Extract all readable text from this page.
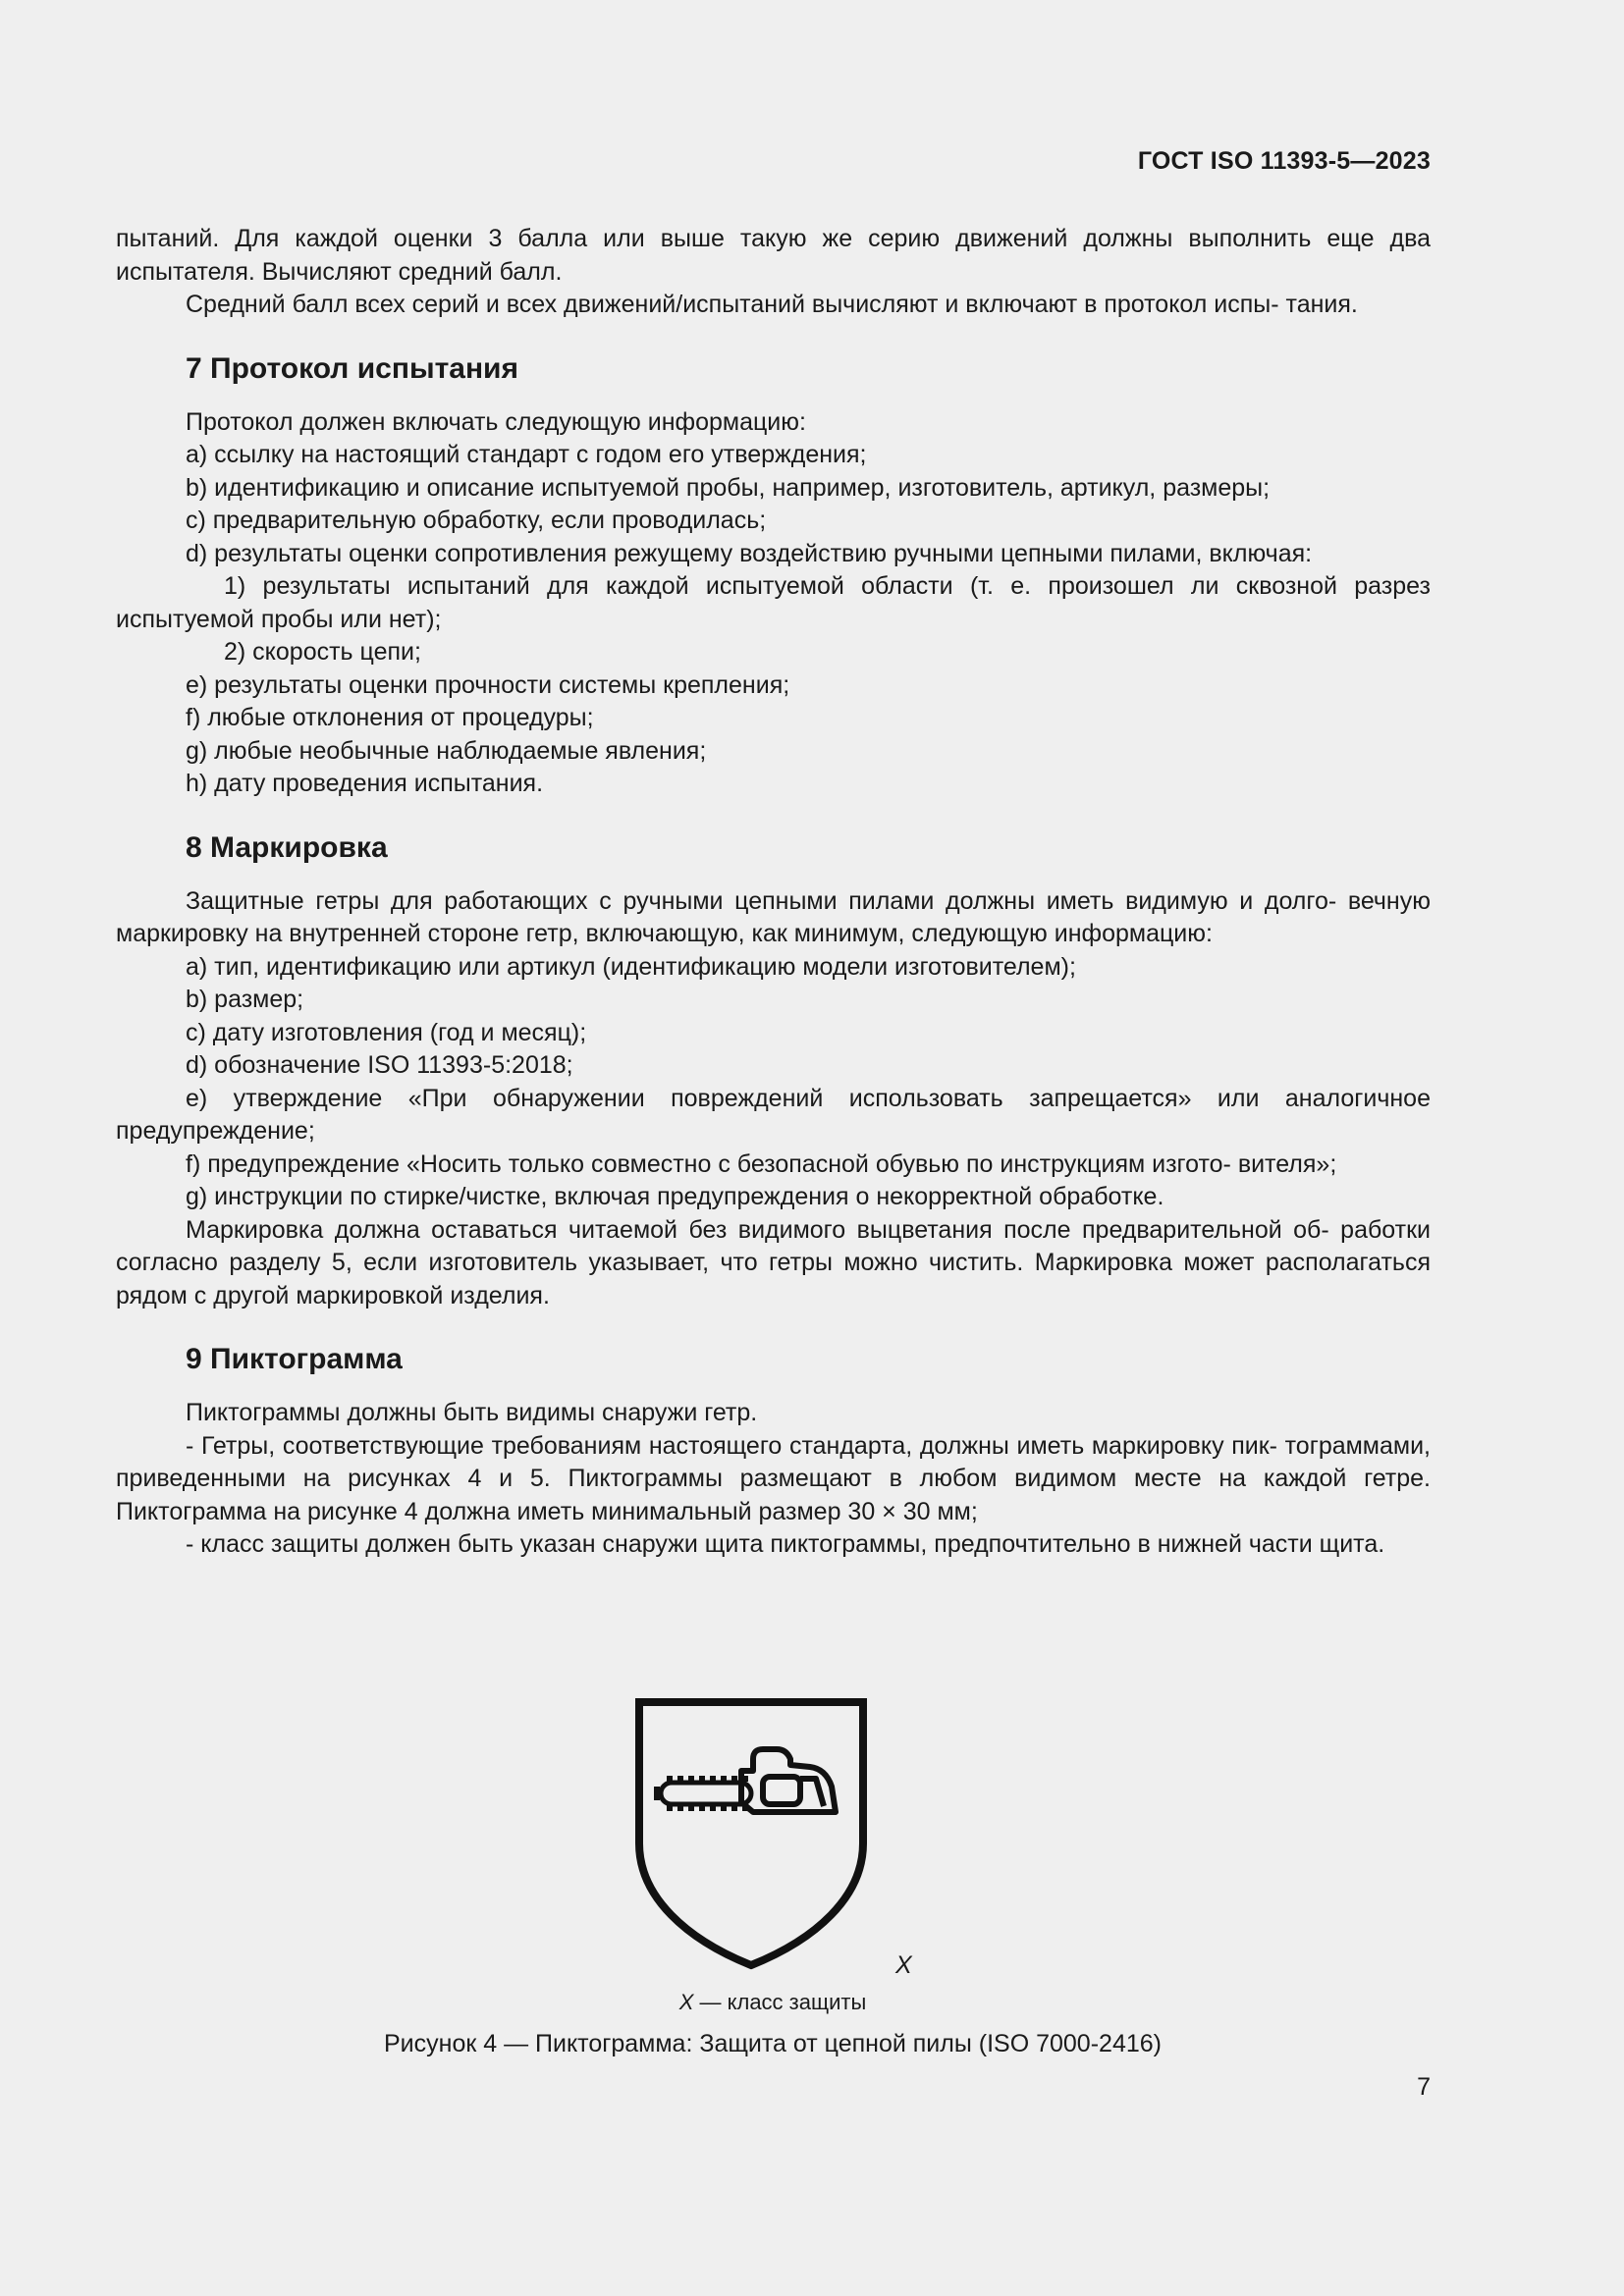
ГОСТ ISO 11393-5—2023

пытаний. Для каждой оценки 3 балла или выше такую же серию движений должны выполнить еще два испытателя. Вычисляют средний балл.

Средний балл всех серий и всех движений/испытаний вычисляют и включают в протокол испы- тания.

7 Протокол испытания

Протокол должен включать следующую информацию:

a) ссылку на настоящий стандарт с годом его утверждения;

b) идентификацию и описание испытуемой пробы, например, изготовитель, артикул, размеры;

c) предварительную обработку, если проводилась;

d) результаты оценки сопротивления режущему воздействию ручными цепными пилами, включая:

1) результаты испытаний для каждой испытуемой области (т. е. произошел ли сквозной разрез испытуемой пробы или нет);

2) скорость цепи;

e) результаты оценки прочности системы крепления;

f) любые отклонения от процедуры;

g) любые необычные наблюдаемые явления;

h) дату проведения испытания.

8 Маркировка

Защитные гетры для работающих с ручными цепными пилами должны иметь видимую и долго- вечную маркировку на внутренней стороне гетр, включающую, как минимум, следующую информацию:

a) тип, идентификацию или артикул (идентификацию модели изготовителем);

b) размер;

c) дату изготовления (год и месяц);

d) обозначение ISO 11393-5:2018;

e) утверждение «При обнаружении повреждений использовать запрещается» или аналогичное предупреждение;

f) предупреждение «Носить только совместно с безопасной обувью по инструкциям изгото- вителя»;

g) инструкции по стирке/чистке, включая предупреждения о некорректной обработке.

Маркировка должна оставаться читаемой без видимого выцветания после предварительной об- работки согласно разделу 5, если изготовитель указывает, что гетры можно чистить. Маркировка может располагаться рядом с другой маркировкой изделия.

9 Пиктограмма

Пиктограммы должны быть видимы снаружи гетр.

- Гетры, соответствующие требованиям настоящего стандарта, должны иметь маркировку пик- тограммами, приведенными на рисунках 4 и 5. Пиктограммы размещают в любом видимом месте на каждой гетре. Пиктограмма на рисунке 4 должна иметь минимальный размер 30 × 30 мм;

- класс защиты должен быть указан снаружи щита пиктограммы, предпочтительно в нижней части щита.

X
X — класс защиты
Рисунок 4 — Пиктограмма: Защита от цепной пилы (ISO 7000-2416)
7
